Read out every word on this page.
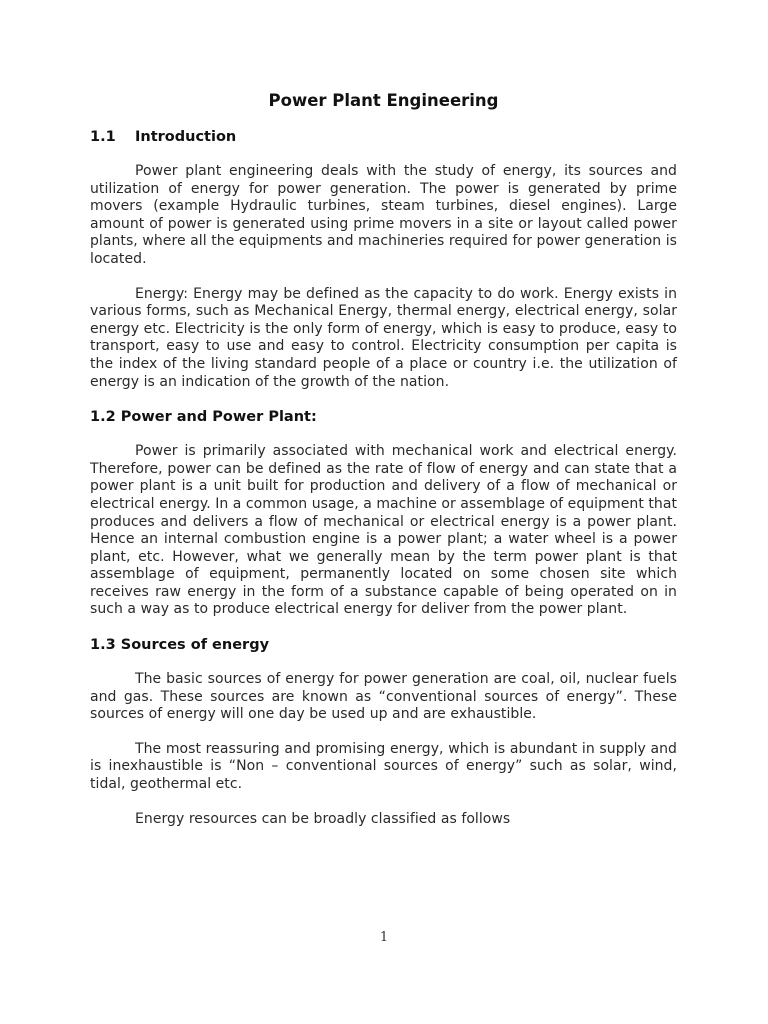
Power Plant Engineering
1.1 Introduction

Power plant engineering deals with the study of energy, its sources and utilization of energy for power generation. The power is generated by prime movers (example Hydraulic turbines, steam turbines, diesel engines). Large amount of power is generated using prime movers in a site or layout called power plants, where all the equipments and machineries required for power generation is located.

Energy: Energy may be defined as the capacity to do work. Energy exists in various forms, such as Mechanical Energy, thermal energy, electrical energy, solar energy etc. Electricity is the only form of energy, which is easy to produce, easy to transport, easy to use and easy to control. Electricity consumption per capita is the index of the living standard people of a place or country i.e. the utilization of energy is an indication of the growth of the nation.

1.2 Power and Power Plant:

Power is primarily associated with mechanical work and electrical energy. Therefore, power can be defined as the rate of flow of energy and can state that a power plant is a unit built for production and delivery of a flow of mechanical or electrical energy. In a common usage, a machine or assemblage of equipment that produces and delivers a flow of mechanical or electrical energy is a power plant. Hence an internal combustion engine is a power plant; a water wheel is a power plant, etc. However, what we generally mean by the term power plant is that assemblage of equipment, permanently located on some chosen site which receives raw energy in the form of a substance capable of being operated on in such a way as to produce electrical energy for deliver from the power plant.

1.3 Sources of energy

The basic sources of energy for power generation are coal, oil, nuclear fuels and gas. These sources are known as “conventional sources of energy”. These sources of energy will one day be used up and are exhaustible.

The most reassuring and promising energy, which is abundant in supply and is inexhaustible is “Non – conventional sources of energy” such as solar, wind, tidal, geothermal etc.

Energy resources can be broadly classified as follows

1
